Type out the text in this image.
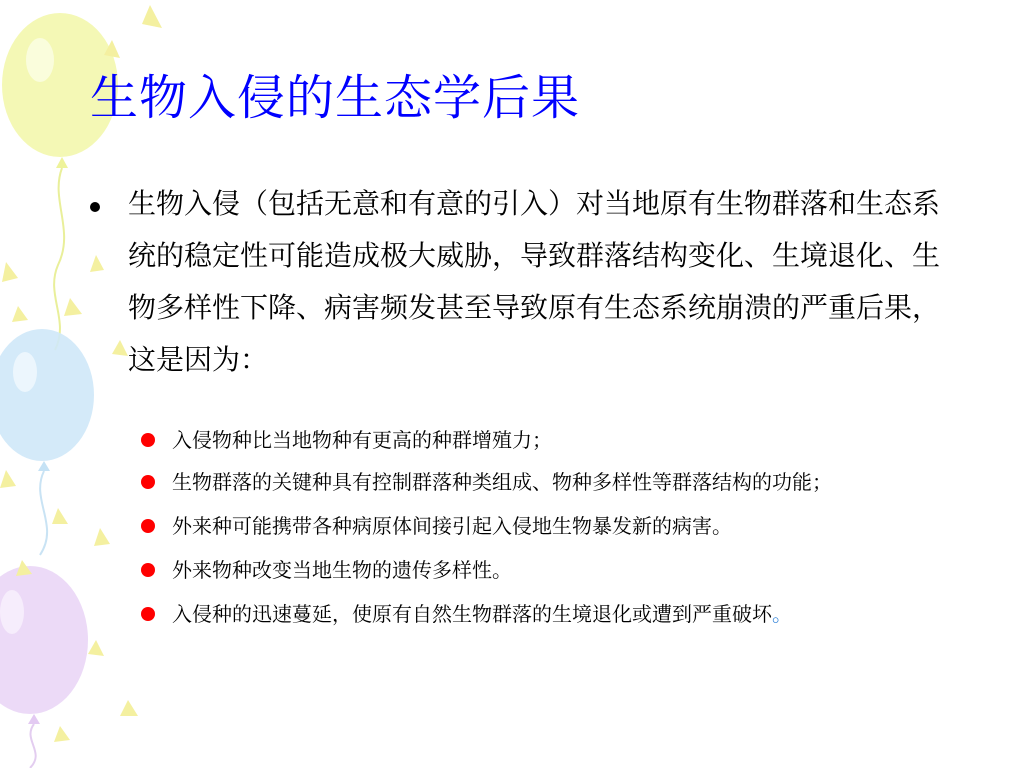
生物入侵的生态学后果

生物入侵（包括无意和有意的引入）对当地原有生物群落和生态系统的稳定性可能造成极大威胁，导致群落结构变化、生境退化、生物多样性下降、病害频发甚至导致原有生态系统崩溃的严重后果，这是因为：

入侵物种比当地物种有更高的种群增殖力；

生物群落的关键种具有控制群落种类组成、物种多样性等群落结构的功能；

外来种可能携带各种病原体间接引起入侵地生物暴发新的病害。

外来物种改变当地生物的遗传多样性。

入侵种的迅速蔓延，使原有自然生物群落的生境退化或遭到严重破坏。
